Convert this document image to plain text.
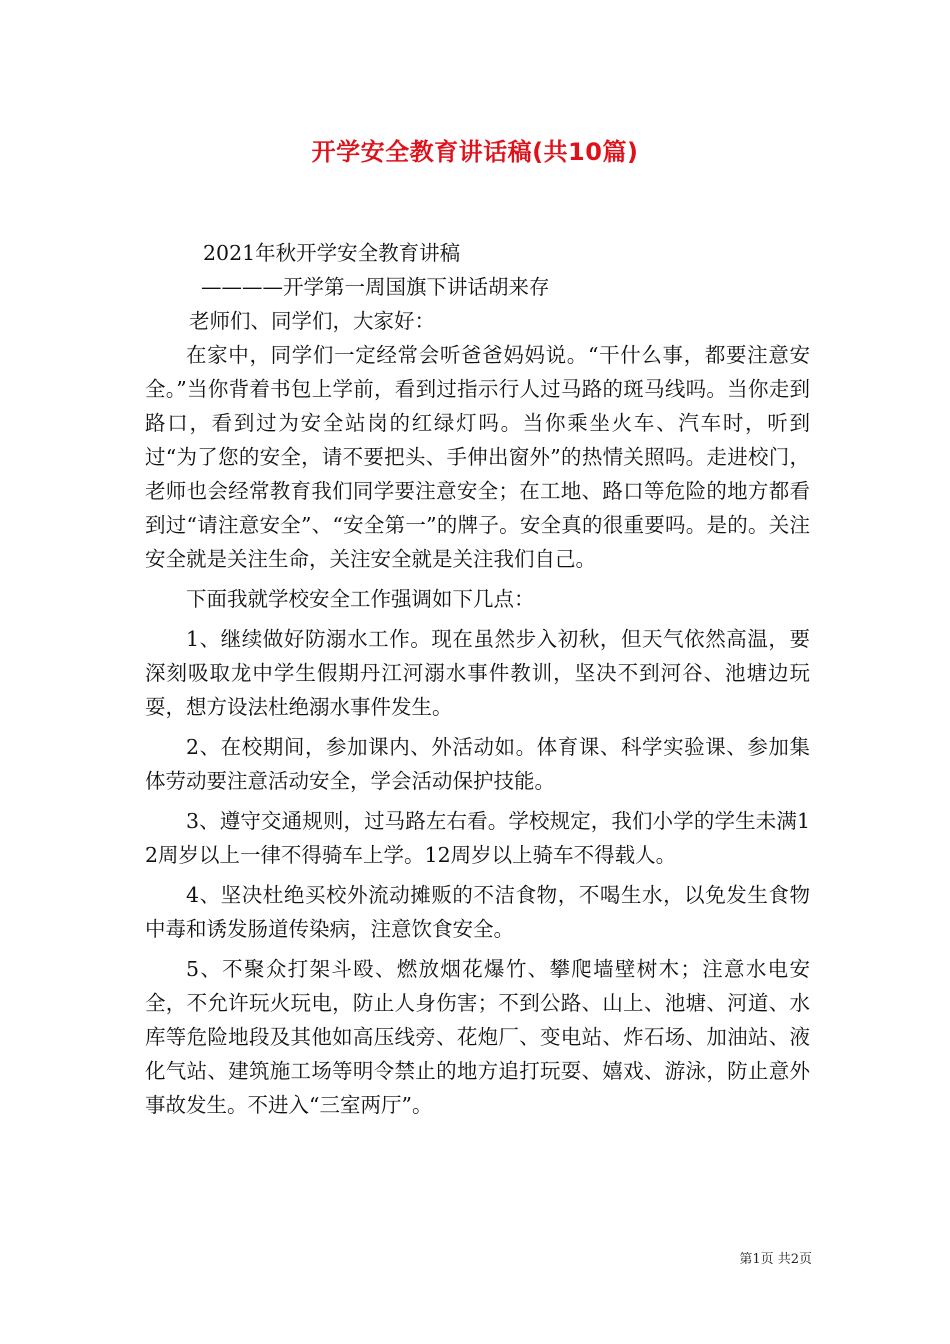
开学安全教育讲话稿(共10篇)
2021年秋开学安全教育讲稿
————开学第一周国旗下讲话胡来存
老师们、同学们，大家好：

在家中，同学们一定经常会听爸爸妈妈说。“干什么事，都要注意安全。”当你背着书包上学前，看到过指示行人过马路的斑马线吗。当你走到路口，看到过为安全站岗的红绿灯吗。当你乘坐火车、汽车时，听到过“为了您的安全，请不要把头、手伸出窗外”的热情关照吗。走进校门，老师也会经常教育我们同学要注意安全；在工地、路口等危险的地方都看到过“请注意安全”、“安全第一”的牌子。安全真的很重要吗。是的。关注安全就是关注生命，关注安全就是关注我们自己。

下面我就学校安全工作强调如下几点：

1、继续做好防溺水工作。现在虽然步入初秋，但天气依然高温，要深刻吸取龙中学生假期丹江河溺水事件教训，坚决不到河谷、池塘边玩耍，想方设法杜绝溺水事件发生。

2、在校期间，参加课内、外活动如。体育课、科学实验课、参加集体劳动要注意活动安全，学会活动保护技能。

3、遵守交通规则，过马路左右看。学校规定，我们小学的学生未满12周岁以上一律不得骑车上学。12周岁以上骑车不得载人。

4、坚决杜绝买校外流动摊贩的不洁食物，不喝生水，以免发生食物中毒和诱发肠道传染病，注意饮食安全。

5、不聚众打架斗殴、燃放烟花爆竹、攀爬墙壁树木；注意水电安全，不允许玩火玩电，防止人身伤害；不到公路、山上、池塘、河道、水库等危险地段及其他如高压线旁、花炮厂、变电站、炸石场、加油站、液化气站、建筑施工场等明令禁止的地方追打玩耍、嬉戏、游泳，防止意外事故发生。不进入“三室两厅”。

第1页 共2页
